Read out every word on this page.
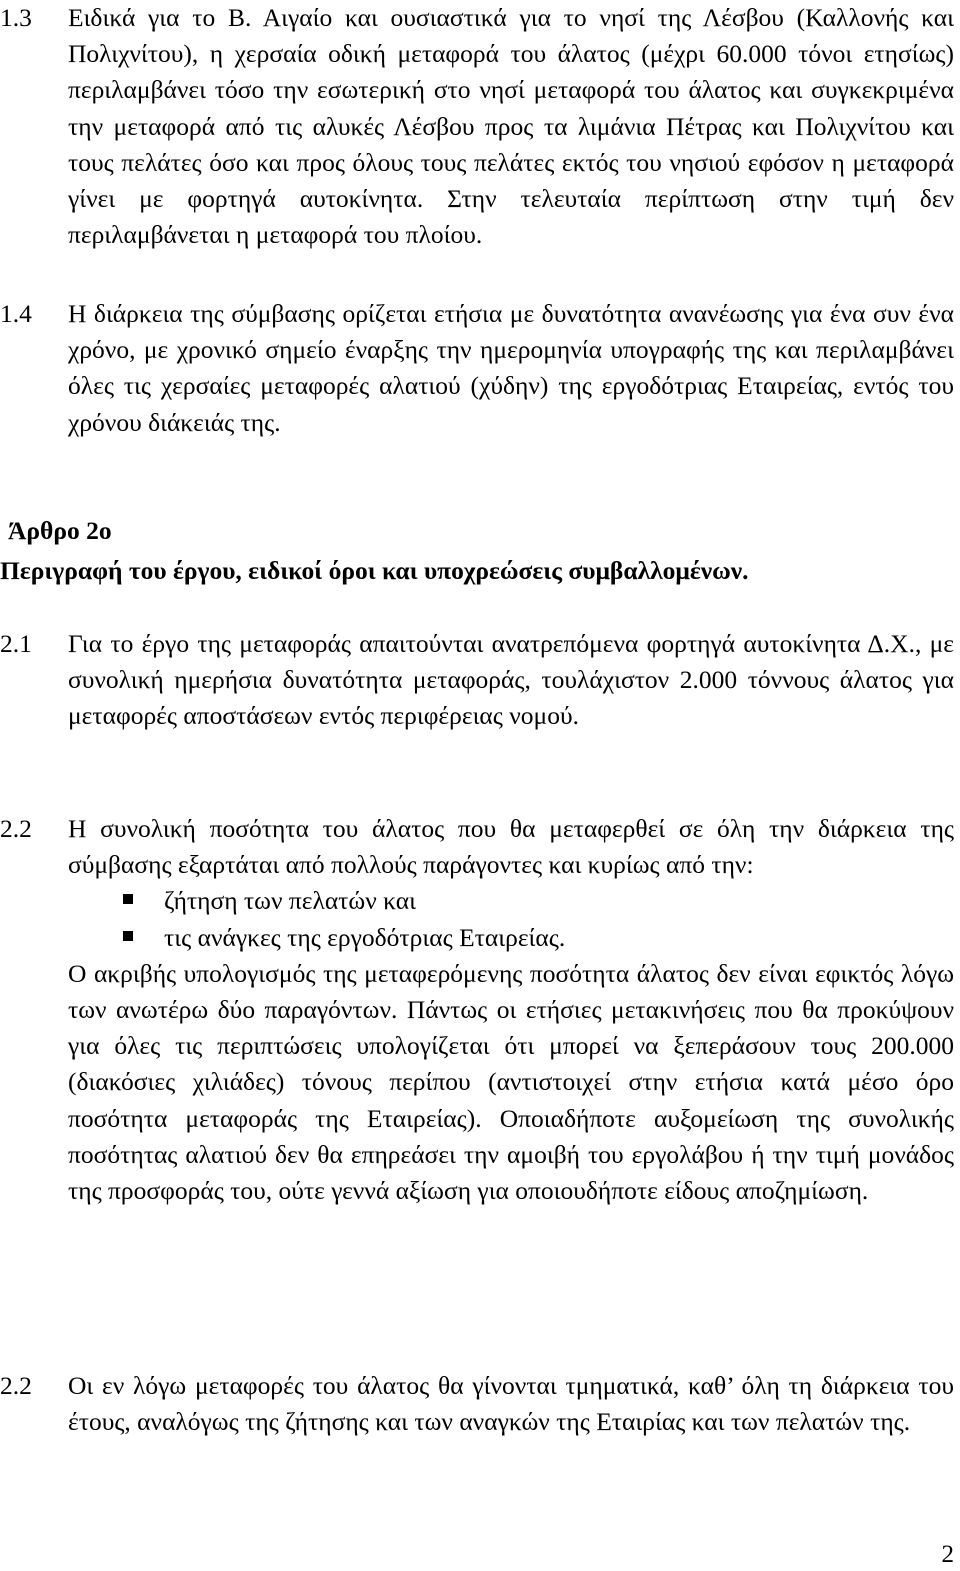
1.3 Ειδικά για το Β. Αιγαίο και ουσιαστικά για το νησί της Λέσβου (Καλλονής και Πολιχνίτου), η χερσαία οδική μεταφορά του άλατος (μέχρι 60.000 τόνοι ετησίως) περιλαμβάνει τόσο την εσωτερική στο νησί μεταφορά του άλατος και συγκεκριμένα την μεταφορά από τις αλυκές Λέσβου προς τα λιμάνια Πέτρας και Πολιχνίτου και τους πελάτες όσο και προς όλους τους πελάτες εκτός του νησιού εφόσον η μεταφορά γίνει με φορτηγά αυτοκίνητα. Στην τελευταία περίπτωση στην τιμή δεν περιλαμβάνεται η μεταφορά του πλοίου.
1.4 Η διάρκεια της σύμβασης ορίζεται ετήσια με δυνατότητα ανανέωσης για ένα συν ένα χρόνο, με χρονικό σημείο έναρξης την ημερομηνία υπογραφής της και περιλαμβάνει όλες τις χερσαίες μεταφορές αλατιού (χύδην) της εργοδότριας Εταιρείας, εντός του χρόνου διάκειάς της.
Άρθρο 2ο
Περιγραφή του έργου, ειδικοί όροι και υποχρεώσεις συμβαλλομένων.
2.1 Για το έργο της μεταφοράς απαιτούνται ανατρεπόμενα φορτηγά αυτοκίνητα Δ.Χ., με συνολική ημερήσια δυνατότητα μεταφοράς, τουλάχιστον 2.000 τόννους άλατος για μεταφορές αποστάσεων εντός περιφέρειας νομού.
2.2 Η συνολική ποσότητα του άλατος που θα μεταφερθεί σε όλη την διάρκεια της σύμβασης εξαρτάται από πολλούς παράγοντες και κυρίως από την:
ζήτηση των πελατών και
τις ανάγκες της εργοδότριας Εταιρείας.
Ο ακριβής υπολογισμός της μεταφερόμενης ποσότητα άλατος δεν είναι εφικτός λόγω των ανωτέρω δύο παραγόντων. Πάντως οι ετήσιες μετακινήσεις που θα προκύψουν για όλες τις περιπτώσεις υπολογίζεται ότι μπορεί να ξεπεράσουν τους 200.000 (διακόσιες χιλιάδες) τόνους περίπου (αντιστοιχεί στην ετήσια κατά μέσο όρο ποσότητα μεταφοράς της Εταιρείας). Οποιαδήποτε αυξομείωση της συνολικής ποσότητας αλατιού δεν θα επηρεάσει την αμοιβή του εργολάβου ή την τιμή μονάδος της προσφοράς του, ούτε γεννά αξίωση για οποιουδήποτε είδους αποζημίωση.
2.2 Οι εν λόγω μεταφορές του άλατος θα γίνονται τμηματικά, καθ’ όλη τη διάρκεια του έτους, αναλόγως της ζήτησης και των αναγκών της Εταιρίας και των πελατών της.
2
